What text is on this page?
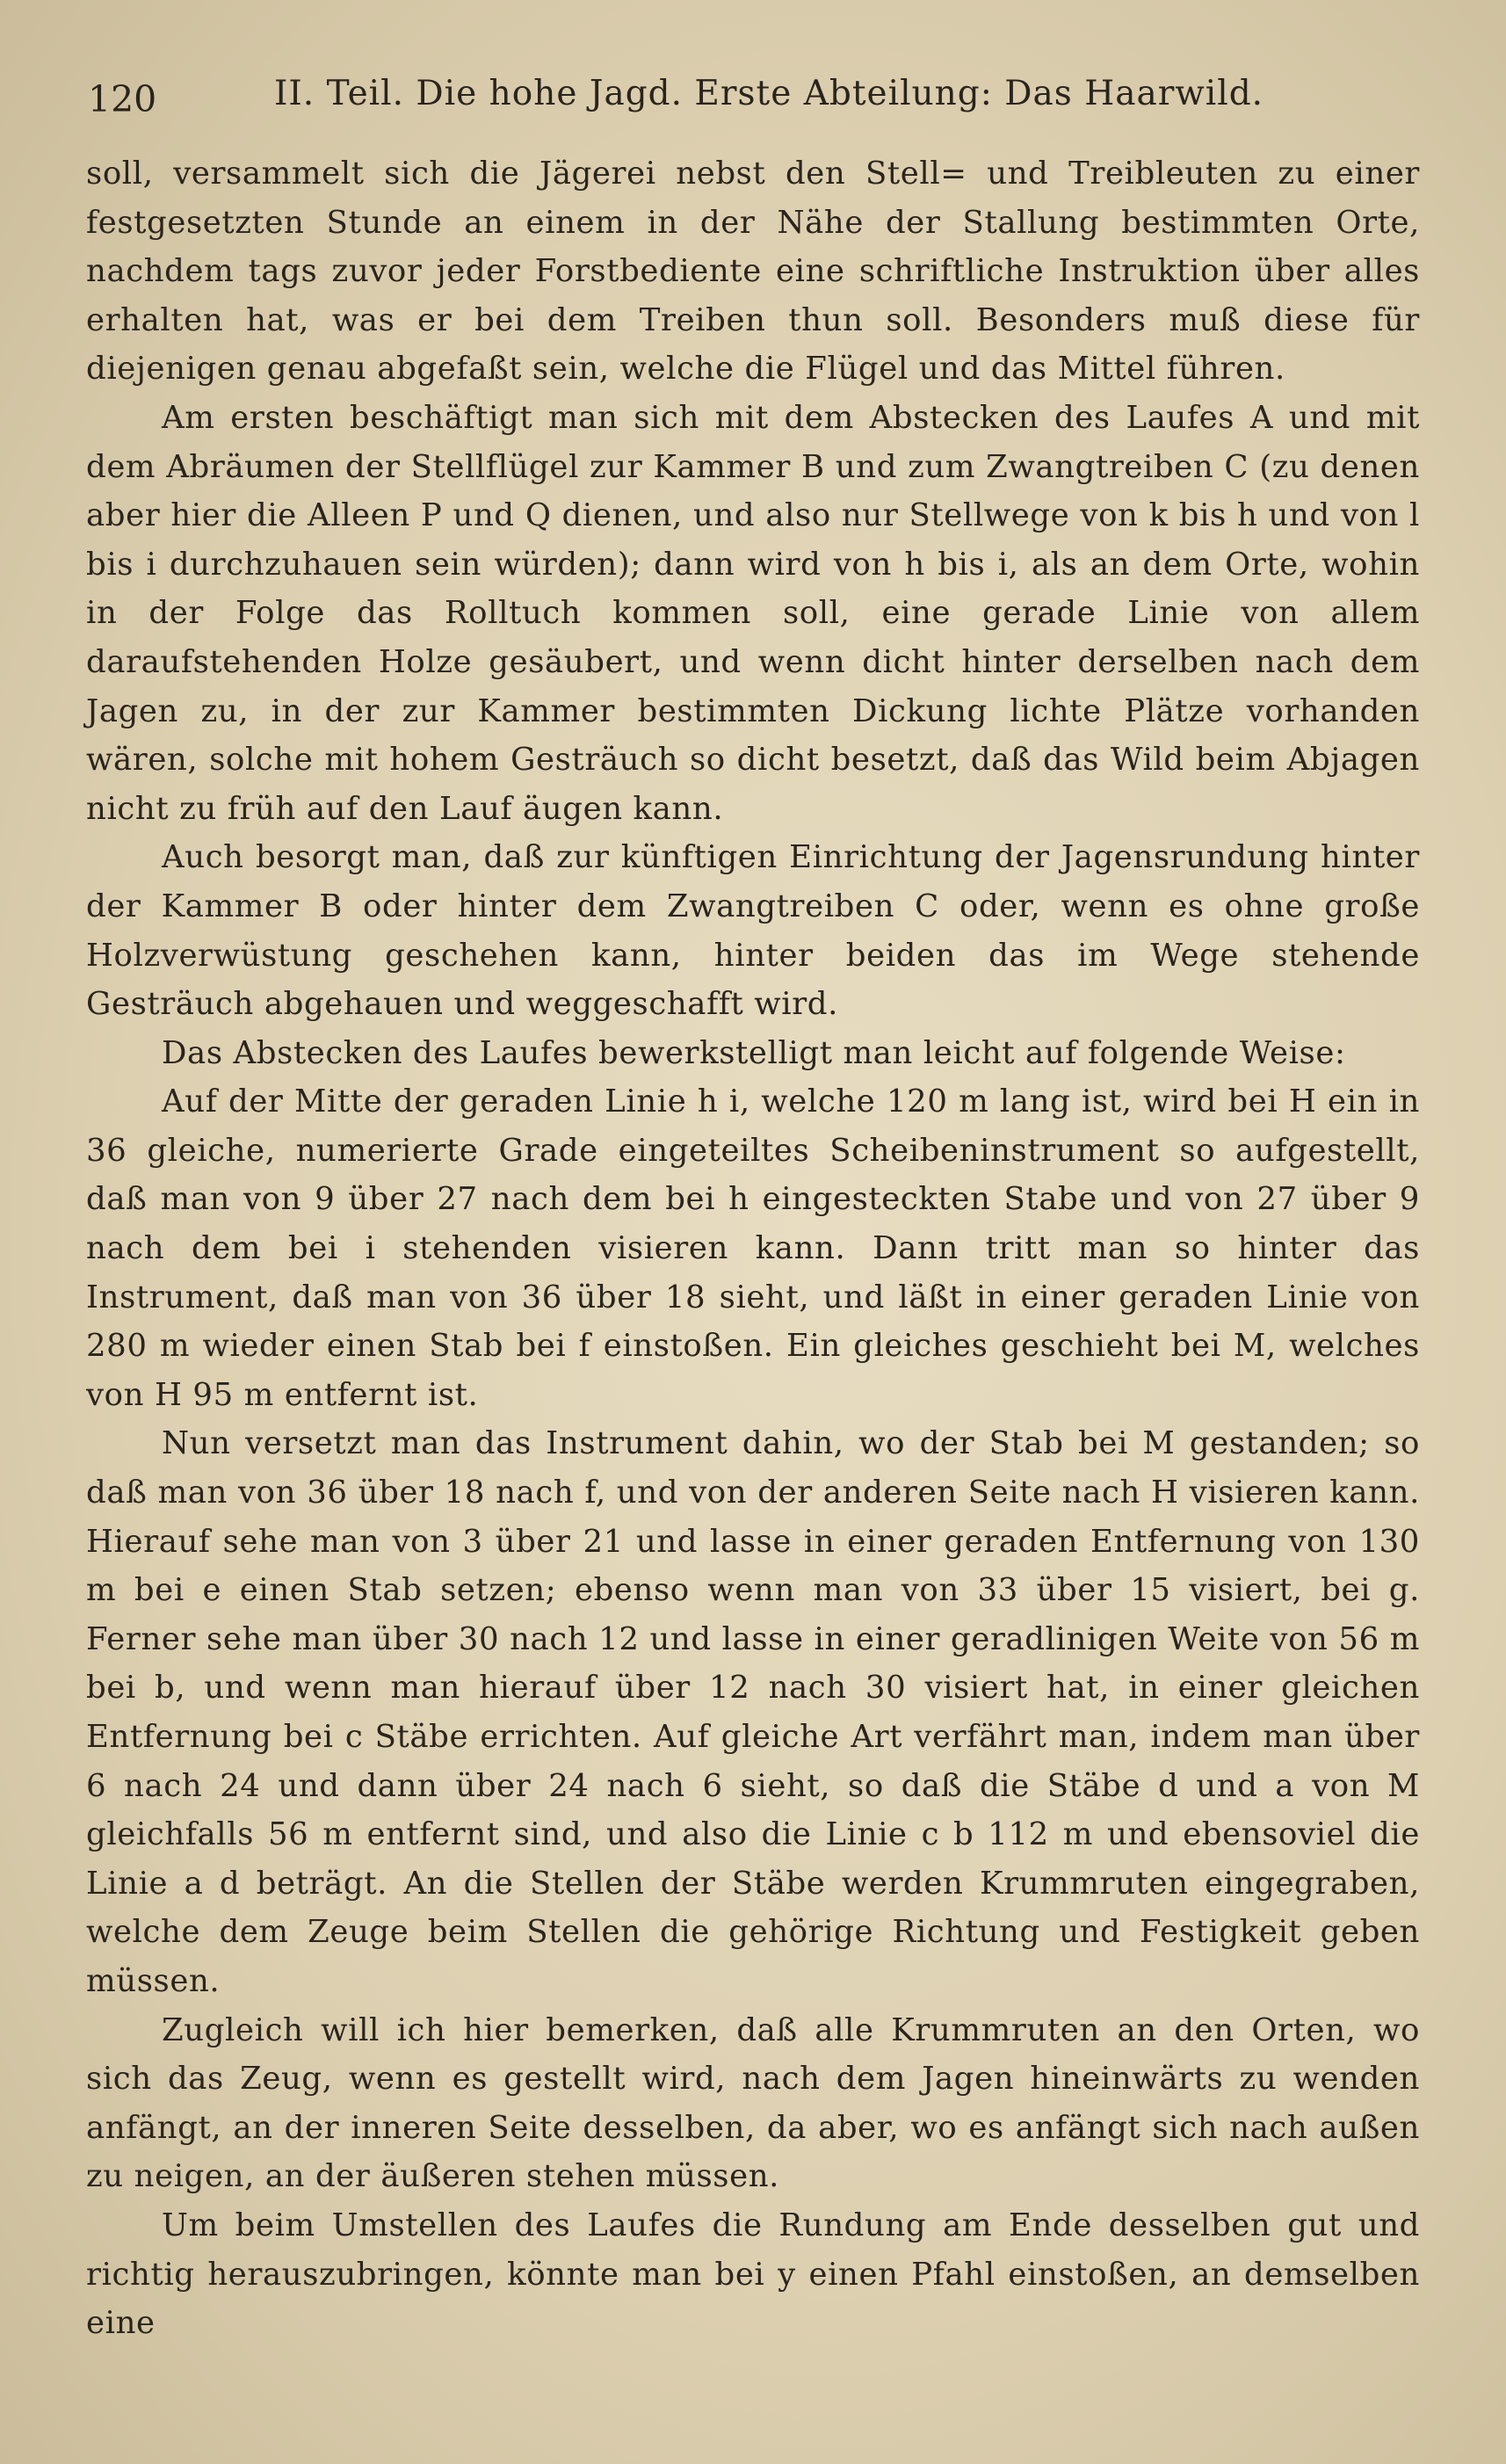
120	II. Teil. Die hohe Jagd. Erste Abteilung: Das Haarwild.

soll, versammelt sich die Jägerei nebst den Stell= und Treibleuten zu einer festgesetzten Stunde an einem in der Nähe der Stallung bestimmten Orte, nachdem tags zuvor jeder Forstbediente eine schriftliche Instruktion über alles erhalten hat, was er bei dem Treiben thun soll. Besonders muß diese für diejenigen genau abgefaßt sein, welche die Flügel und das Mittel führen.

Am ersten beschäftigt man sich mit dem Abstecken des Laufes A und mit dem Abräumen der Stellflügel zur Kammer B und zum Zwangtreiben C (zu denen aber hier die Alleen P und Q dienen, und also nur Stellwege von k bis h und von l bis i durchzuhauen sein würden); dann wird von h bis i, als an dem Orte, wohin in der Folge das Rolltuch kommen soll, eine gerade Linie von allem daraufstehenden Holze gesäubert, und wenn dicht hinter derselben nach dem Jagen zu, in der zur Kammer bestimmten Dickung lichte Plätze vorhanden wären, solche mit hohem Gesträuch so dicht besetzt, daß das Wild beim Abjagen nicht zu früh auf den Lauf äugen kann.

Auch besorgt man, daß zur künftigen Einrichtung der Jagensrundung hinter der Kammer B oder hinter dem Zwangtreiben C oder, wenn es ohne große Holzverwüstung geschehen kann, hinter beiden das im Wege stehende Gesträuch abgehauen und weggeschafft wird.

Das Abstecken des Laufes bewerkstelligt man leicht auf folgende Weise:

Auf der Mitte der geraden Linie h i, welche 120 m lang ist, wird bei H ein in 36 gleiche, numerierte Grade eingeteiltes Scheibeninstrument so aufgestellt, daß man von 9 über 27 nach dem bei h eingesteckten Stabe und von 27 über 9 nach dem bei i stehenden visieren kann. Dann tritt man so hinter das Instrument, daß man von 36 über 18 sieht, und läßt in einer geraden Linie von 280 m wieder einen Stab bei f einstoßen. Ein gleiches geschieht bei M, welches von H 95 m entfernt ist.

Nun versetzt man das Instrument dahin, wo der Stab bei M gestanden; so daß man von 36 über 18 nach f, und von der anderen Seite nach H visieren kann. Hierauf sehe man von 3 über 21 und lasse in einer geraden Entfernung von 130 m bei e einen Stab setzen; ebenso wenn man von 33 über 15 visiert, bei g. Ferner sehe man über 30 nach 12 und lasse in einer geradlinigen Weite von 56 m bei b, und wenn man hierauf über 12 nach 30 visiert hat, in einer gleichen Entfernung bei c Stäbe errichten. Auf gleiche Art verfährt man, indem man über 6 nach 24 und dann über 24 nach 6 sieht, so daß die Stäbe d und a von M gleichfalls 56 m entfernt sind, und also die Linie c b 112 m und ebensoviel die Linie a d beträgt. An die Stellen der Stäbe werden Krummruten eingegraben, welche dem Zeuge beim Stellen die gehörige Richtung und Festigkeit geben müssen.

Zugleich will ich hier bemerken, daß alle Krummruten an den Orten, wo sich das Zeug, wenn es gestellt wird, nach dem Jagen hineinwärts zu wenden anfängt, an der inneren Seite desselben, da aber, wo es anfängt sich nach außen zu neigen, an der äußeren stehen müssen.

Um beim Umstellen des Laufes die Rundung am Ende desselben gut und richtig herauszubringen, könnte man bei y einen Pfahl einstoßen, an demselben eine
